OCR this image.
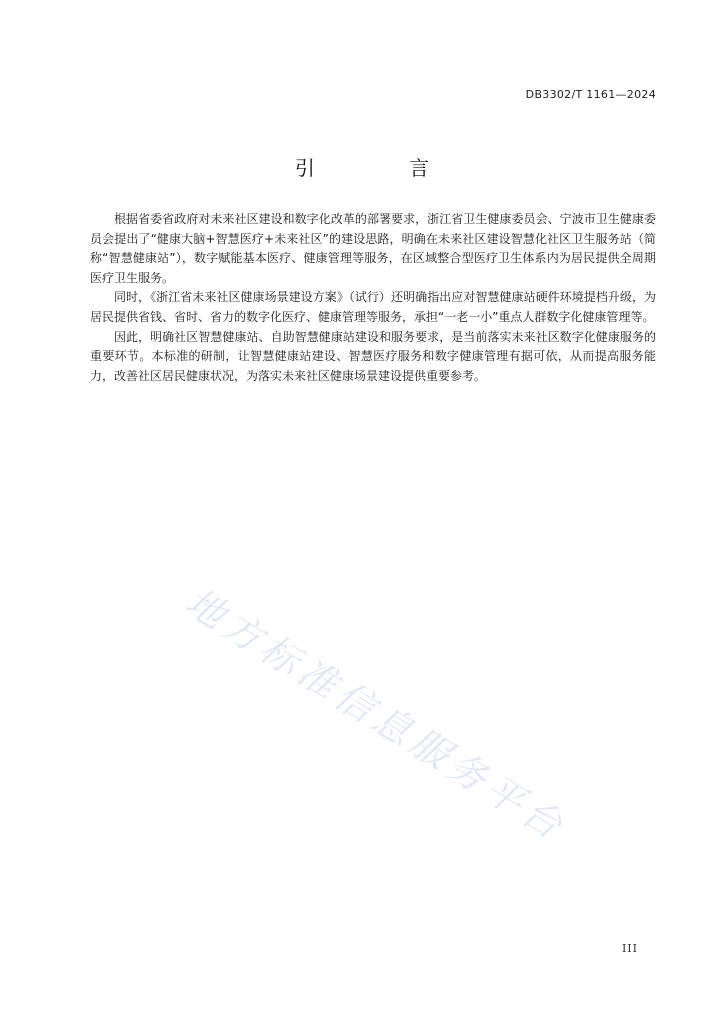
DB3302/T 1161—2024
引 言

根据省委省政府对未来社区建设和数字化改革的部署要求，浙江省卫生健康委员会、宁波市卫生健康委员会提出了“健康大脑+智慧医疗+未来社区”的建设思路，明确在未来社区建设智慧化社区卫生服务站（简称“智慧健康站”），数字赋能基本医疗、健康管理等服务，在区域整合型医疗卫生体系内为居民提供全周期医疗卫生服务。

同时，《浙江省未来社区健康场景建设方案》（试行）还明确指出应对智慧健康站硬件环境提档升级，为居民提供省钱、省时、省力的数字化医疗、健康管理等服务，承担“一老一小”重点人群数字化健康管理等。

因此，明确社区智慧健康站、自助智慧健康站建设和服务要求，是当前落实未来社区数字化健康服务的重要环节。本标准的研制，让智慧健康站建设、智慧医疗服务和数字健康管理有据可依，从而提高服务能力，改善社区居民健康状况，为落实未来社区健康场景建设提供重要参考。

地方标准信息服务平台
III
